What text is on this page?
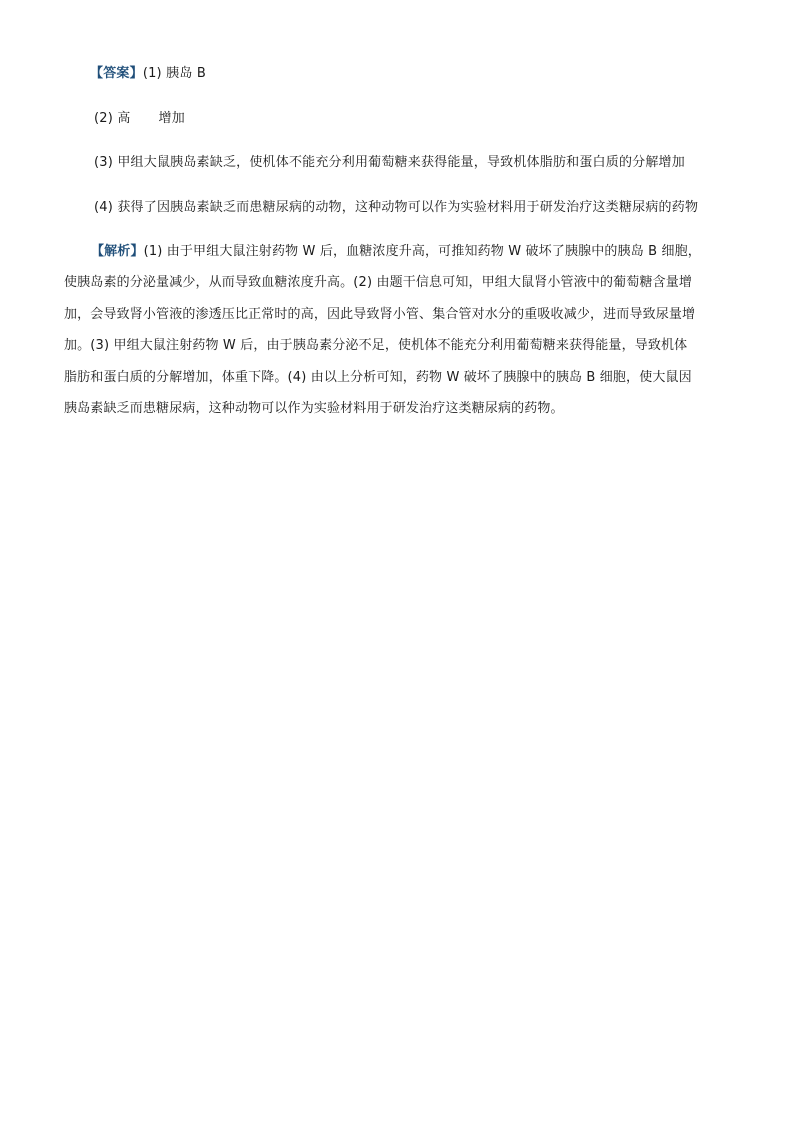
【答案】(1) 胰岛 B
(2) 高 增加
(3) 甲组大鼠胰岛素缺乏，使机体不能充分利用葡萄糖来获得能量，导致机体脂肪和蛋白质的分解增加
(4) 获得了因胰岛素缺乏而患糖尿病的动物，这种动物可以作为实验材料用于研发治疗这类糖尿病的药物
【解析】(1) 由于甲组大鼠注射药物 W 后，血糖浓度升高，可推知药物 W 破坏了胰腺中的胰岛 B 细胞，
使胰岛素的分泌量减少，从而导致血糖浓度升高。(2) 由题干信息可知，甲组大鼠肾小管液中的葡萄糖含量增
加，会导致肾小管液的渗透压比正常时的高，因此导致肾小管、集合管对水分的重吸收减少，进而导致尿量增
加。(3) 甲组大鼠注射药物 W 后，由于胰岛素分泌不足，使机体不能充分利用葡萄糖来获得能量，导致机体
脂肪和蛋白质的分解增加，体重下降。(4) 由以上分析可知，药物 W 破坏了胰腺中的胰岛 B 细胞，使大鼠因
胰岛素缺乏而患糖尿病，这种动物可以作为实验材料用于研发治疗这类糖尿病的药物。
